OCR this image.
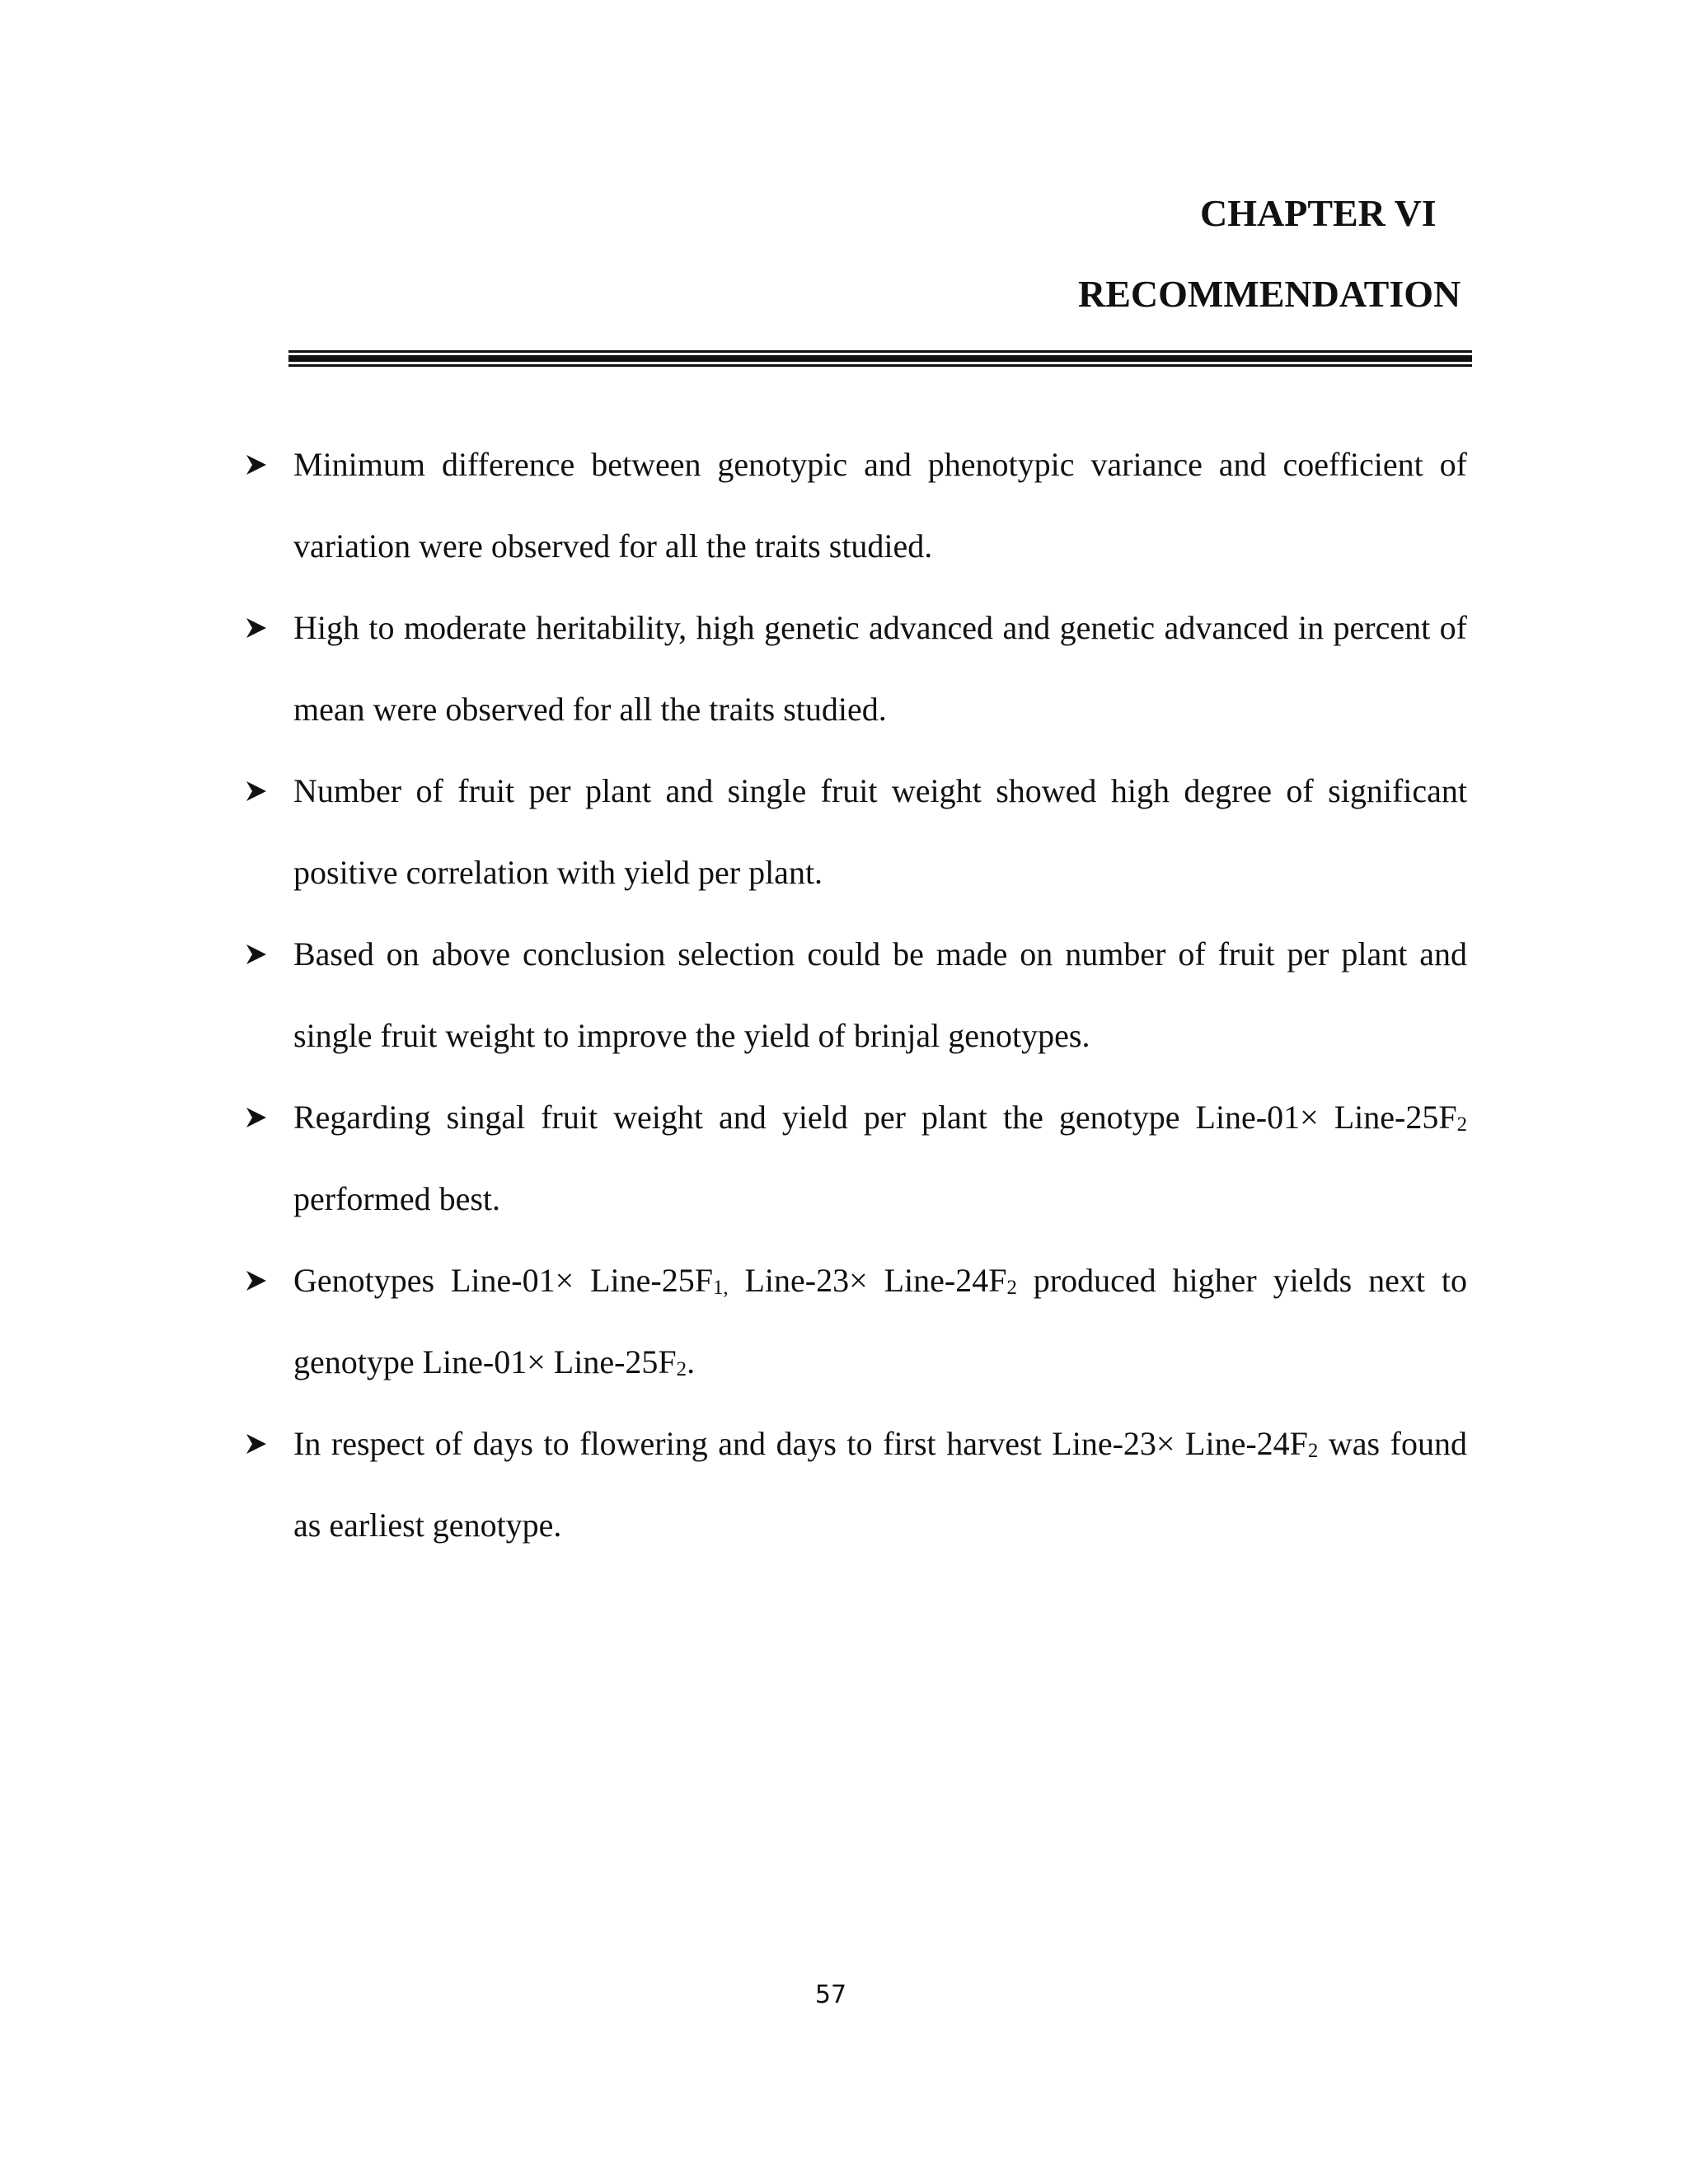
CHAPTER VI
RECOMMENDATION
Minimum difference between genotypic and phenotypic variance and coefficient of variation were observed for all the traits studied.
High to moderate heritability, high genetic advanced and genetic advanced in percent of mean were observed for all the traits studied.
Number of fruit per plant and single fruit weight showed high degree of significant positive correlation with yield per plant.
Based on above conclusion selection could be made on number of fruit per plant and single fruit weight to improve the yield of brinjal genotypes.
Regarding singal fruit weight and yield per plant the genotype Line-01× Line-$25F_2$ performed best.
Genotypes Line-01× Line-$25F_{1,}$ Line-23× Line-$24F_2$ produced higher yields next to genotype Line-01× Line-$25F_2$.
In respect of days to flowering and days to first harvest Line-23× Line-$24F_2$ was found as earliest genotype.
57
